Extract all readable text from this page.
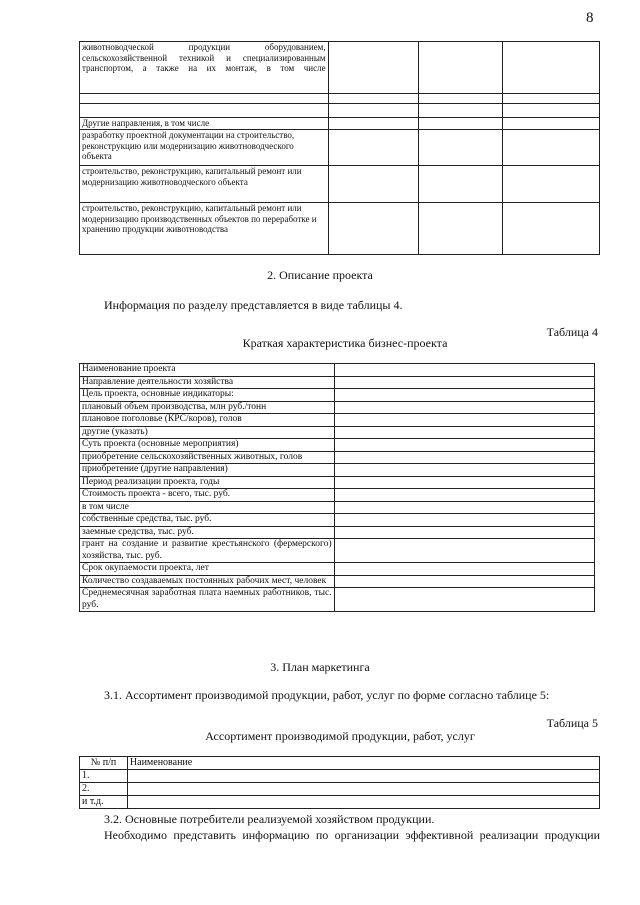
8
животноводческой продукции оборудованием, сельскохозяйственной техникой и специализированным транспортом, а также на их монтаж, в том числе			

Другие направления, в том числе			
разработку проектной документации на строительство, реконструкцию или модернизацию животноводческого объекта			
строительство, реконструкцию, капитальный ремонт или модернизацию животноводческого объекта			
строительство, реконструкцию, капитальный ремонт или модернизацию производственных объектов по переработке и хранению продукции животноводства			
2. Описание проекта
Информация по разделу представляется в виде таблицы 4.
Таблица 4
Краткая характеристика бизнес-проекта
Наименование проекта	
Направление деятельности хозяйства	
Цель проекта, основные индикаторы:	
плановый объем производства, млн руб./тонн	
плановое поголовье (КРС/коров), голов	
другие (указать)	
Суть проекта (основные мероприятия)	
приобретение сельскохозяйственных животных, голов	
приобретение (другие направления)	
Период реализации проекта, годы	
Стоимость проекта - всего, тыс. руб.	
в том числе	
собственные средства, тыс. руб.	
заемные средства, тыс. руб.	
грант на создание и развитие крестьянского (фермерского) хозяйства, тыс. руб.	
Срок окупаемости проекта, лет	
Количество создаваемых постоянных рабочих мест, человек	
Среднемесячная заработная плата наемных работников, тыс. руб.	
3. План маркетинга
3.1. Ассортимент производимой продукции, работ, услуг по форме согласно таблице 5:
Таблица 5
Ассортимент производимой продукции, работ, услуг
№ п/п	Наименование
1.	
2.	
и т.д.	
3.2. Основные потребители реализуемой хозяйством продукции.
Необходимо представить информацию по организации эффективной реализации продукции
